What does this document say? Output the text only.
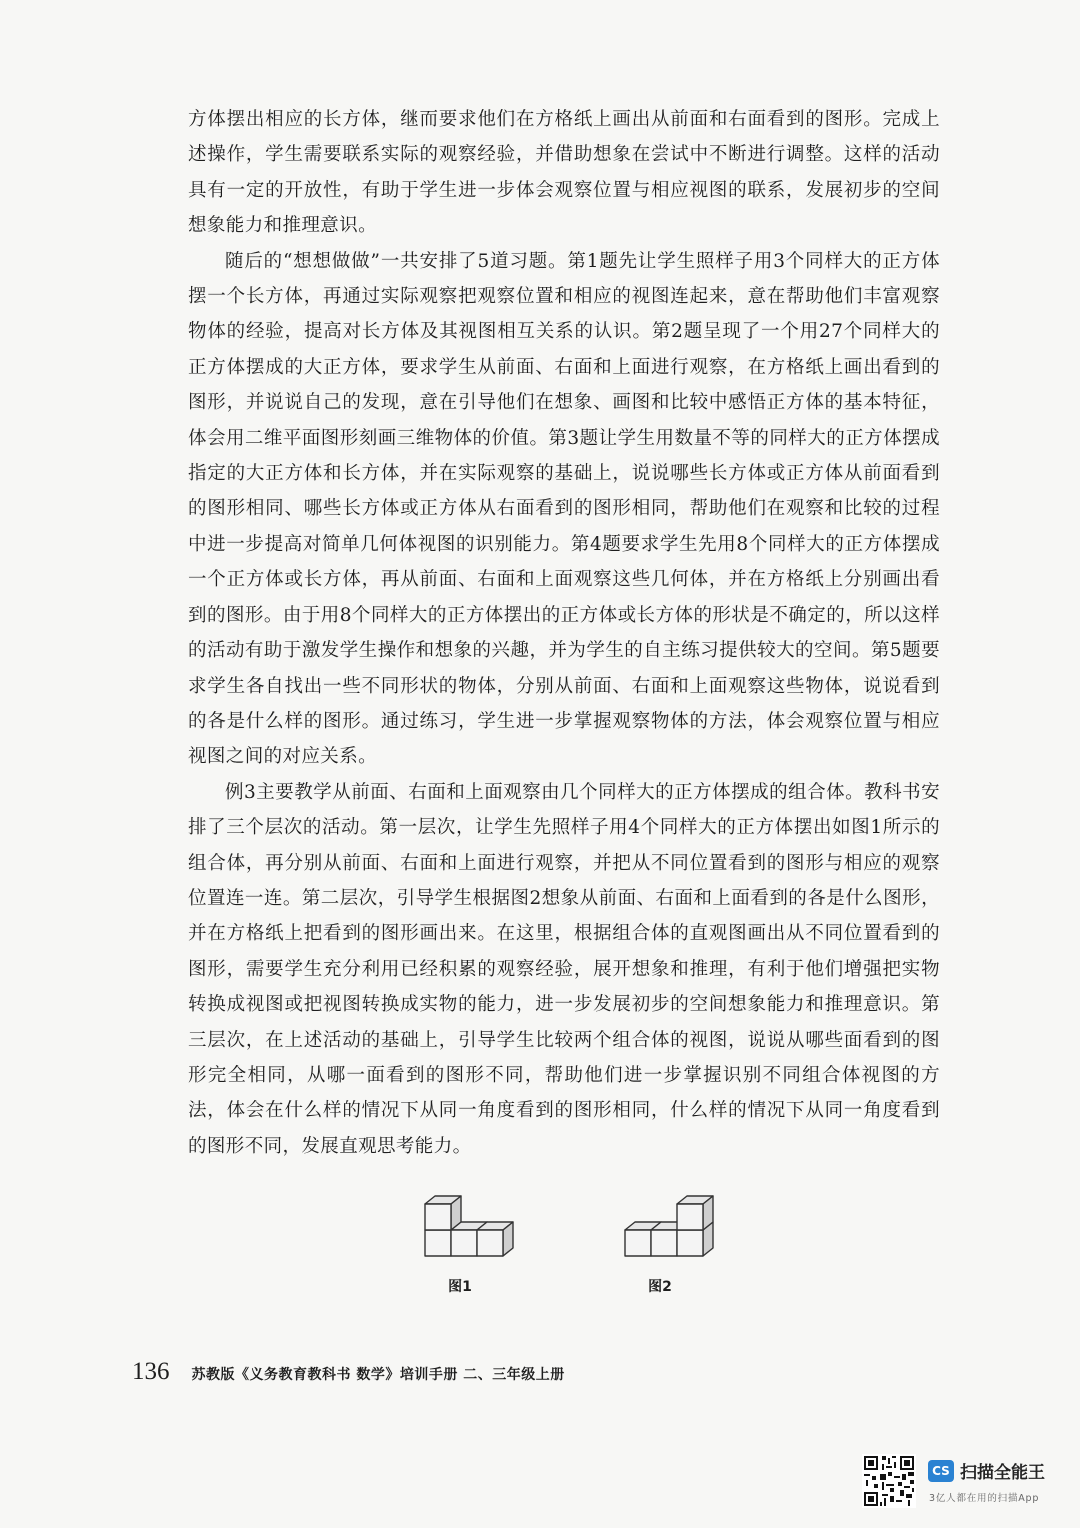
方体摆出相应的长方体，继而要求他们在方格纸上画出从前面和右面看到的图形。完成上述操作，学生需要联系实际的观察经验，并借助想象在尝试中不断进行调整。这样的活动具有一定的开放性，有助于学生进一步体会观察位置与相应视图的联系，发展初步的空间想象能力和推理意识。

随后的“想想做做”一共安排了5道习题。第1题先让学生照样子用3个同样大的正方体摆一个长方体，再通过实际观察把观察位置和相应的视图连起来，意在帮助他们丰富观察物体的经验，提高对长方体及其视图相互关系的认识。第2题呈现了一个用27个同样大的正方体摆成的大正方体，要求学生从前面、右面和上面进行观察，在方格纸上画出看到的图形，并说说自己的发现，意在引导他们在想象、画图和比较中感悟正方体的基本特征，体会用二维平面图形刻画三维物体的价值。第3题让学生用数量不等的同样大的正方体摆成指定的大正方体和长方体，并在实际观察的基础上，说说哪些长方体或正方体从前面看到的图形相同、哪些长方体或正方体从右面看到的图形相同，帮助他们在观察和比较的过程中进一步提高对简单几何体视图的识别能力。第4题要求学生先用8个同样大的正方体摆成一个正方体或长方体，再从前面、右面和上面观察这些几何体，并在方格纸上分别画出看到的图形。由于用8个同样大的正方体摆出的正方体或长方体的形状是不确定的，所以这样的活动有助于激发学生操作和想象的兴趣，并为学生的自主练习提供较大的空间。第5题要求学生各自找出一些不同形状的物体，分别从前面、右面和上面观察这些物体，说说看到的各是什么样的图形。通过练习，学生进一步掌握观察物体的方法，体会观察位置与相应视图之间的对应关系。

例3主要教学从前面、右面和上面观察由几个同样大的正方体摆成的组合体。教科书安排了三个层次的活动。第一层次，让学生先照样子用4个同样大的正方体摆出如图1所示的组合体，再分别从前面、右面和上面进行观察，并把从不同位置看到的图形与相应的观察位置连一连。第二层次，引导学生根据图2想象从前面、右面和上面看到的各是什么图形，并在方格纸上把看到的图形画出来。在这里，根据组合体的直观图画出从不同位置看到的图形，需要学生充分利用已经积累的观察经验，展开想象和推理，有利于他们增强把实物转换成视图或把视图转换成实物的能力，进一步发展初步的空间想象能力和推理意识。第三层次，在上述活动的基础上，引导学生比较两个组合体的视图，说说从哪些面看到的图形完全相同，从哪一面看到的图形不同，帮助他们进一步掌握识别不同组合体视图的方法，体会在什么样的情况下从同一角度看到的图形相同，什么样的情况下从同一角度看到的图形不同，发展直观思考能力。

图1	图2
136 苏教版《义务教育教科书 数学》培训手册 二、三年级上册
CS 扫描全能王
3亿人都在用的扫描App
